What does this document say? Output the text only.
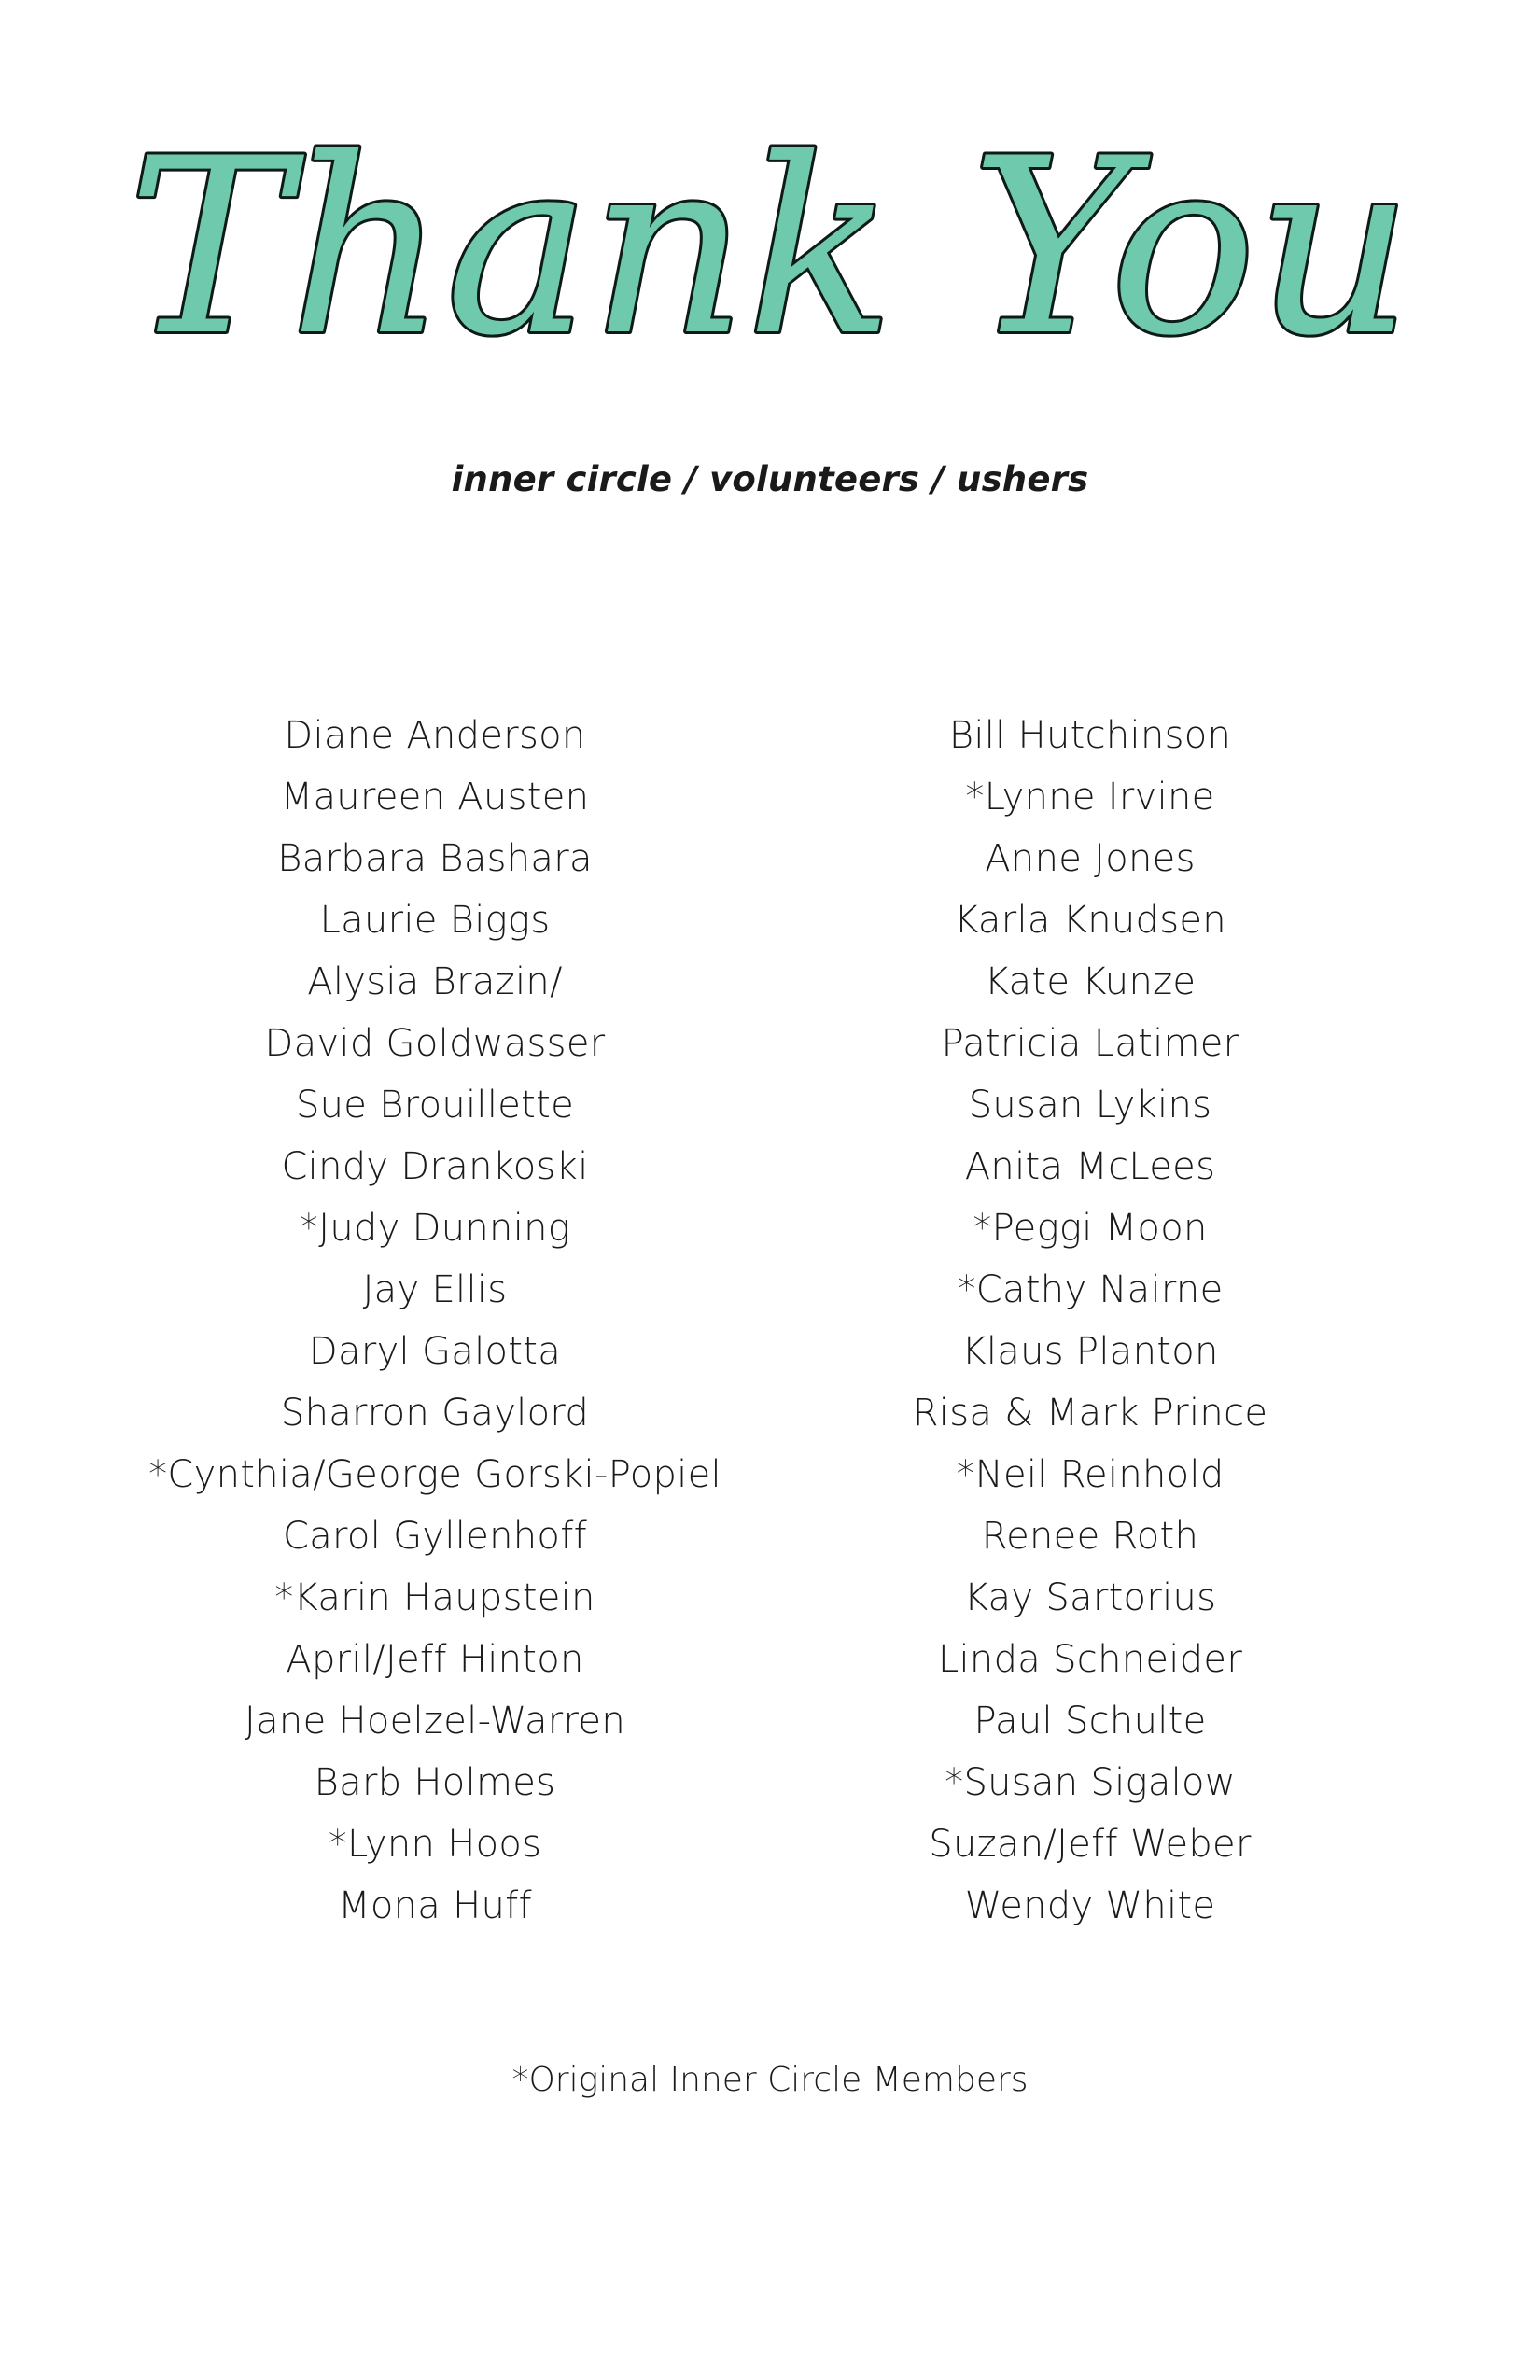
Thank You
inner circle / volunteers / ushers
Diane Anderson
Maureen Austen
Barbara Bashara
Laurie Biggs
Alysia Brazin/
David Goldwasser
Sue Brouillette
Cindy Drankoski
*Judy Dunning
Jay Ellis
Daryl Galotta
Sharron Gaylord
*Cynthia/George Gorski-Popiel
Carol Gyllenhoff
*Karin Haupstein
April/Jeff Hinton
Jane Hoelzel-Warren
Barb Holmes
*Lynn Hoos
Mona Huff
Bill Hutchinson
*Lynne Irvine
Anne Jones
Karla Knudsen
Kate Kunze
Patricia Latimer
Susan Lykins
Anita McLees
*Peggi Moon
*Cathy Nairne
Klaus Planton
Risa & Mark Prince
*Neil Reinhold
Renee Roth
Kay Sartorius
Linda Schneider
Paul Schulte
*Susan Sigalow
Suzan/Jeff Weber
Wendy White
*Original Inner Circle Members
